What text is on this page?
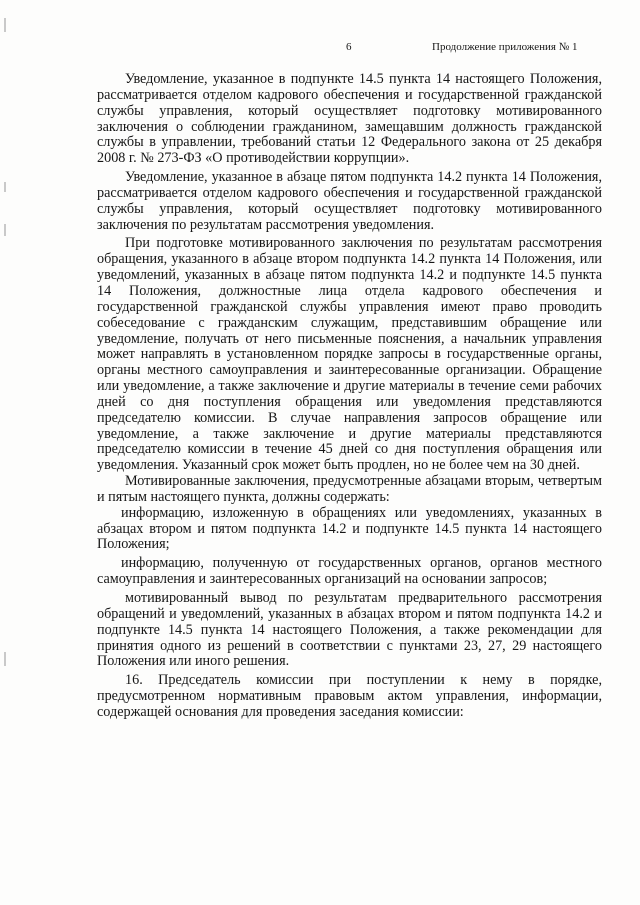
6	Продолжение приложения № 1

Уведомление, указанное в подпункте 14.5 пункта 14 настоящего Положения, рассматривается отделом кадрового обеспечения и государственной гражданской службы управления, который осуществляет подготовку мотивированного заключения о соблюдении гражданином, замещавшим должность гражданской службы в управлении, требований статьи 12 Федерального закона от 25 декабря 2008 г. № 273-ФЗ «О противодействии коррупции».

Уведомление, указанное в абзаце пятом подпункта 14.2 пункта 14 Положения, рассматривается отделом кадрового обеспечения и государственной гражданской службы управления, который осуществляет подготовку мотивированного заключения по результатам рассмотрения уведомления.

При подготовке мотивированного заключения по результатам рассмотрения обращения, указанного в абзаце втором подпункта 14.2 пункта 14 Положения, или уведомлений, указанных в абзаце пятом подпункта 14.2 и подпункте 14.5 пункта 14 Положения, должностные лица отдела кадрового обеспечения и государственной гражданской службы управления имеют право проводить собеседование с гражданским служащим, представившим обращение или уведомление, получать от него письменные пояснения, а начальник управления может направлять в установленном порядке запросы в государственные органы, органы местного самоуправления и заинтересованные организации. Обращение или уведомление, а также заключение и другие материалы в течение семи рабочих дней со дня поступления обращения или уведомления представляются председателю комиссии. В случае направления запросов обращение или уведомление, а также заключение и другие материалы представляются председателю комиссии в течение 45 дней со дня поступления обращения или уведомления. Указанный срок может быть продлен, но не более чем на 30 дней.

Мотивированные заключения, предусмотренные абзацами вторым, четвертым и пятым настоящего пункта, должны содержать:

информацию, изложенную в обращениях или уведомлениях, указанных в абзацах втором и пятом подпункта 14.2 и подпункте 14.5 пункта 14 настоящего Положения;

информацию, полученную от государственных органов, органов местного самоуправления и заинтересованных организаций на основании запросов;

мотивированный вывод по результатам предварительного рассмотрения обращений и уведомлений, указанных в абзацах втором и пятом подпункта 14.2 и подпункте 14.5 пункта 14 настоящего Положения, а также рекомендации для принятия одного из решений в соответствии с пунктами 23, 27, 29 настоящего Положения или иного решения.

16. Председатель комиссии при поступлении к нему в порядке, предусмотренном нормативным правовым актом управления, информации, содержащей основания для проведения заседания комиссии:
